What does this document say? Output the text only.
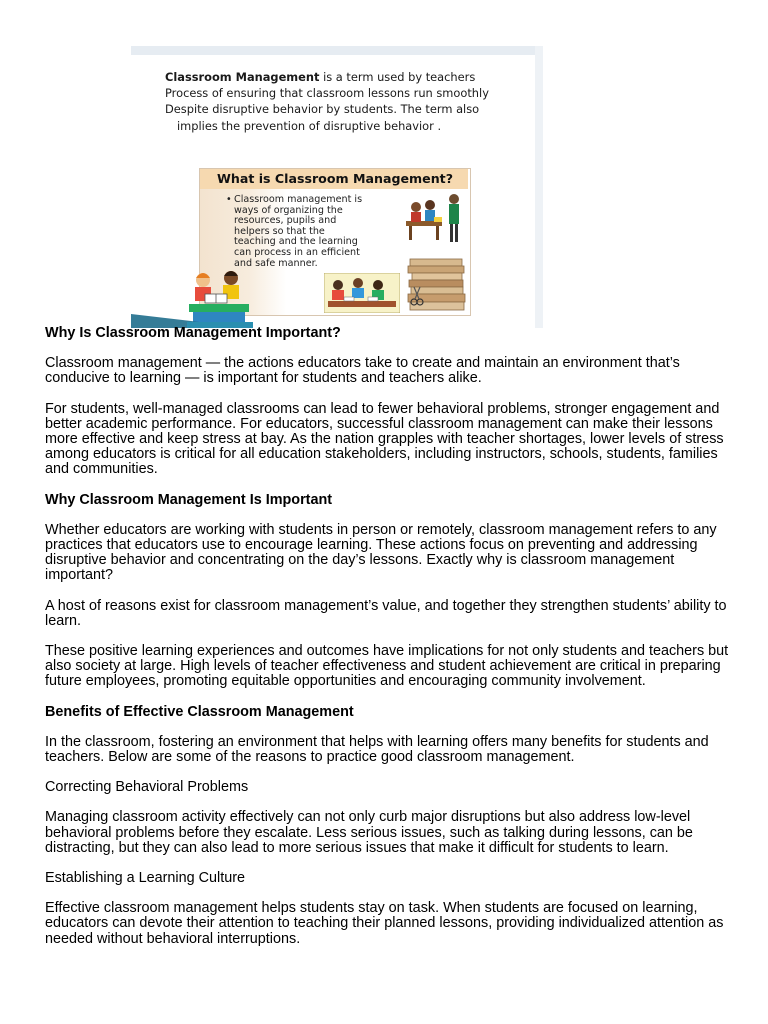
Classroom Management is a term used by teachers

Process of ensuring that classroom lessons run smoothly

Despite disruptive behavior by students. The term also

implies the prevention of disruptive behavior .

What is Classroom Management?
• Classroom management is
ways of organizing the
resources, pupils and
helpers so that the
teaching and the learning
can process in an efficient
and safe manner.
Why Is Classroom Management Important?

Classroom management — the actions educators take to create and maintain an environment that’s conducive to learning — is important for students and teachers alike.

For students, well-managed classrooms can lead to fewer behavioral problems, stronger engagement and better academic performance. For educators, successful classroom management can make their lessons more effective and keep stress at bay. As the nation grapples with teacher shortages, lower levels of stress among educators is critical for all education stakeholders, including instructors, schools, students, families and communities.

Why Classroom Management Is Important

Whether educators are working with students in person or remotely, classroom management refers to any practices that educators use to encourage learning. These actions focus on preventing and addressing disruptive behavior and concentrating on the day’s lessons. Exactly why is classroom management important?

A host of reasons exist for classroom management’s value, and together they strengthen students’ ability to learn.

These positive learning experiences and outcomes have implications for not only students and teachers but also society at large. High levels of teacher effectiveness and student achievement are critical in preparing future employees, promoting equitable opportunities and encouraging community involvement.

Benefits of Effective Classroom Management

In the classroom, fostering an environment that helps with learning offers many benefits for students and teachers. Below are some of the reasons to practice good classroom management.

Correcting Behavioral Problems

Managing classroom activity effectively can not only curb major disruptions but also address low-level behavioral problems before they escalate. Less serious issues, such as talking during lessons, can be distracting, but they can also lead to more serious issues that make it difficult for students to learn.

Establishing a Learning Culture

Effective classroom management helps students stay on task. When students are focused on learning, educators can devote their attention to teaching their planned lessons, providing individualized attention as needed without behavioral interruptions.
